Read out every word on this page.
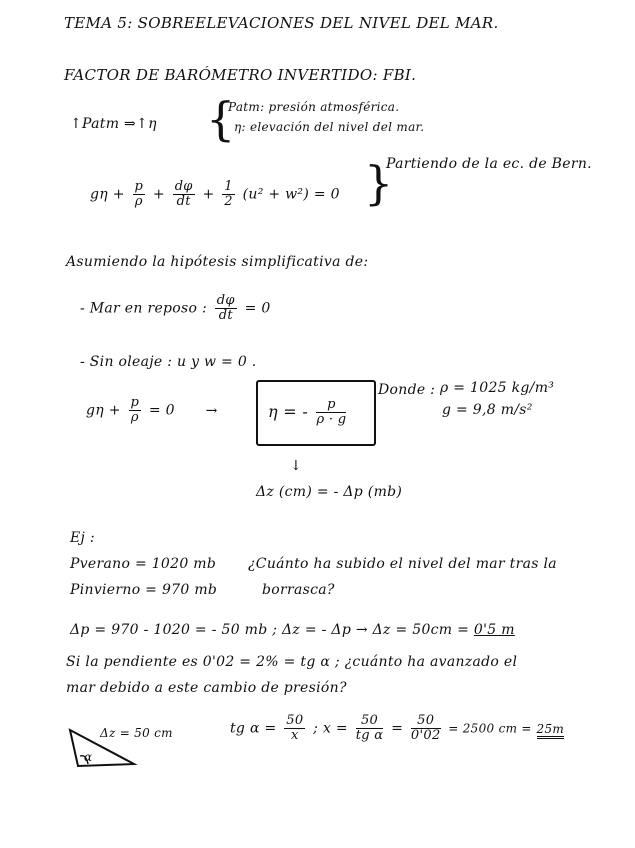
TEMA 5: SOBREELEVACIONES DEL NIVEL DEL MAR.
FACTOR DE BARÓMETRO INVERTIDO: FBI.
↑Patm ⇒↑η {
Patm: presión atmosférica.
η: elevación del nivel del mar.
$g\eta + \frac{p}{\rho} + \frac{d\varphi}{dt} + \frac{1}{2} (u^2 + w^2) = 0$ }
Partiendo de la ec. de Bern.
Asumiendo la hipótesis simplificativa de:
- Mar en reposo : $\frac{d\varphi}{dt} = 0$
- Sin oleaje : u y w = 0 .
$g\eta + \frac{p}{\rho} = 0$ →	η = - $\frac{p}{\rho \cdot g}$
Donde : ρ = 1025 kg/m³
g = 9,8 m/s²
↓
Δz (cm) = - Δp (mb)
Ej :
Pverano = 1020 mb
Pinvierno = 970 mb
¿Cuánto ha subido el nivel del mar tras la
borrasca?
Δp = 970 - 1020 = - 50 mb ; Δz = - Δp → Δz = 50cm = 0'5 m
Si la pendiente es 0'02 = 2% = tg α ; ¿cuánto ha avanzado el
mar debido a este cambio de presión?
Δz = 50 cm
α
tg $\alpha = \frac{50}{x}$ ; $x = \frac{50}{\text{tg α}} = \frac{50}{0'02} = 2500$ cm = 25m
